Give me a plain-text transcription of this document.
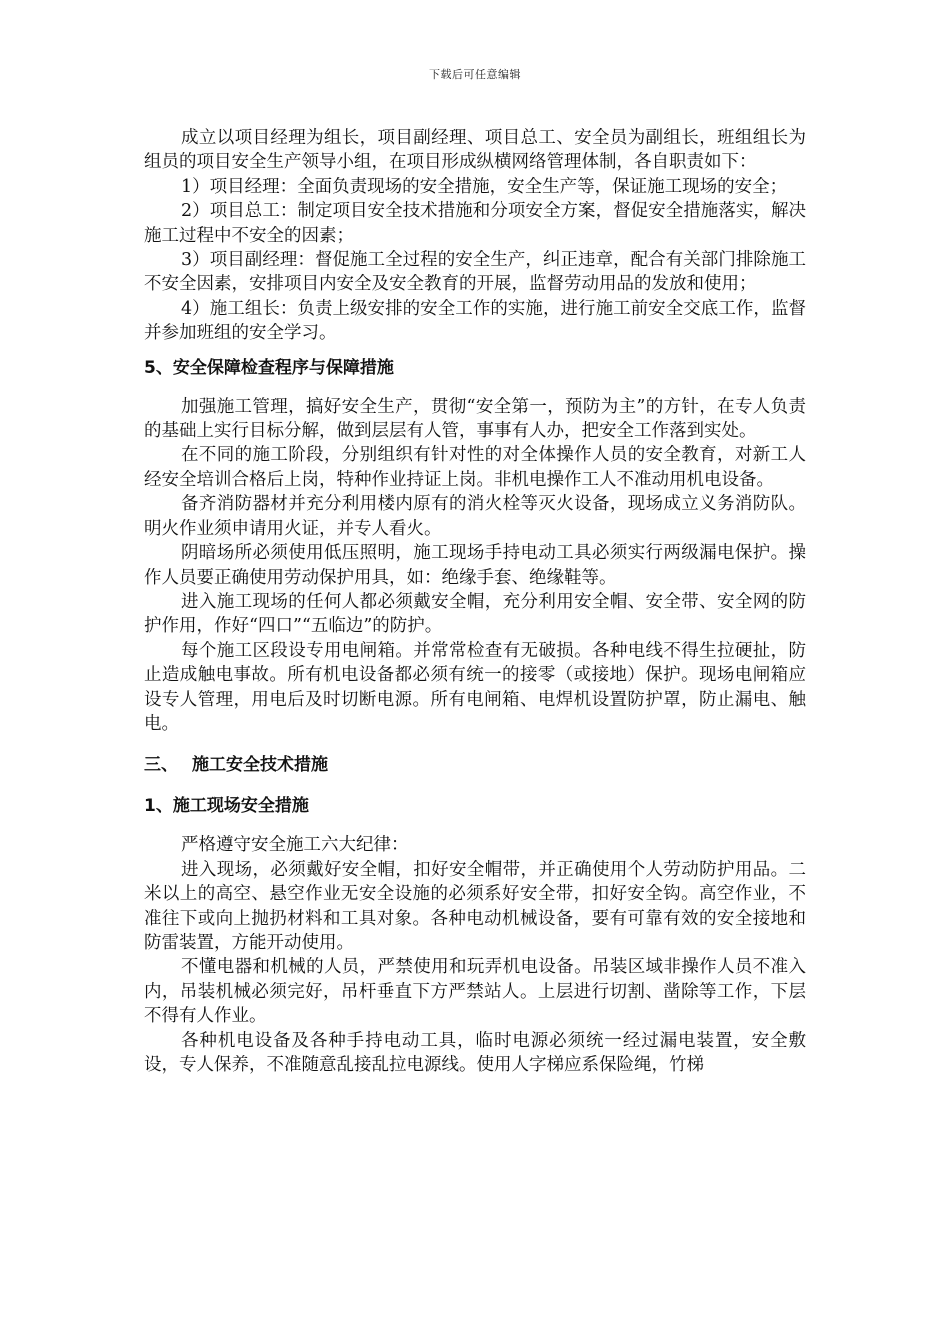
下载后可任意编辑

成立以项目经理为组长，项目副经理、项目总工、安全员为副组长，班组组长为组员的项目安全生产领导小组，在项目形成纵横网络管理体制，各自职责如下：

1）项目经理：全面负责现场的安全措施，安全生产等，保证施工现场的安全；

2）项目总工：制定项目安全技术措施和分项安全方案，督促安全措施落实，解决施工过程中不安全的因素；

3）项目副经理：督促施工全过程的安全生产，纠正违章，配合有关部门排除施工不安全因素，安排项目内安全及安全教育的开展，监督劳动用品的发放和使用；

4）施工组长：负责上级安排的安全工作的实施，进行施工前安全交底工作，监督并参加班组的安全学习。

5、安全保障检查程序与保障措施

加强施工管理，搞好安全生产，贯彻“安全第一，预防为主”的方针，在专人负责的基础上实行目标分解，做到层层有人管，事事有人办，把安全工作落到实处。

在不同的施工阶段，分别组织有针对性的对全体操作人员的安全教育，对新工人经安全培训合格后上岗，特种作业持证上岗。非机电操作工人不准动用机电设备。

备齐消防器材并充分利用楼内原有的消火栓等灭火设备，现场成立义务消防队。明火作业须申请用火证，并专人看火。

阴暗场所必须使用低压照明，施工现场手持电动工具必须实行两级漏电保护。操作人员要正确使用劳动保护用具，如：绝缘手套、绝缘鞋等。

进入施工现场的任何人都必须戴安全帽，充分利用安全帽、安全带、安全网的防护作用，作好“四口”“五临边”的防护。

每个施工区段设专用电闸箱。并常常检查有无破损。各种电线不得生拉硬扯，防止造成触电事故。所有机电设备都必须有统一的接零（或接地）保护。现场电闸箱应设专人管理，用电后及时切断电源。所有电闸箱、电焊机设置防护罩，防止漏电、触电。

三、 施工安全技术措施
1、施工现场安全措施

严格遵守安全施工六大纪律：

进入现场，必须戴好安全帽，扣好安全帽带，并正确使用个人劳动防护用品。二米以上的高空、悬空作业无安全设施的必须系好安全带，扣好安全钩。高空作业，不准往下或向上抛扔材料和工具对象。各种电动机械设备，要有可靠有效的安全接地和防雷装置，方能开动使用。

不懂电器和机械的人员，严禁使用和玩弄机电设备。吊装区域非操作人员不准入内，吊装机械必须完好，吊杆垂直下方严禁站人。上层进行切割、凿除等工作，下层不得有人作业。

各种机电设备及各种手持电动工具，临时电源必须统一经过漏电装置，安全敷设，专人保养，不准随意乱接乱拉电源线。使用人字梯应系保险绳，竹梯
